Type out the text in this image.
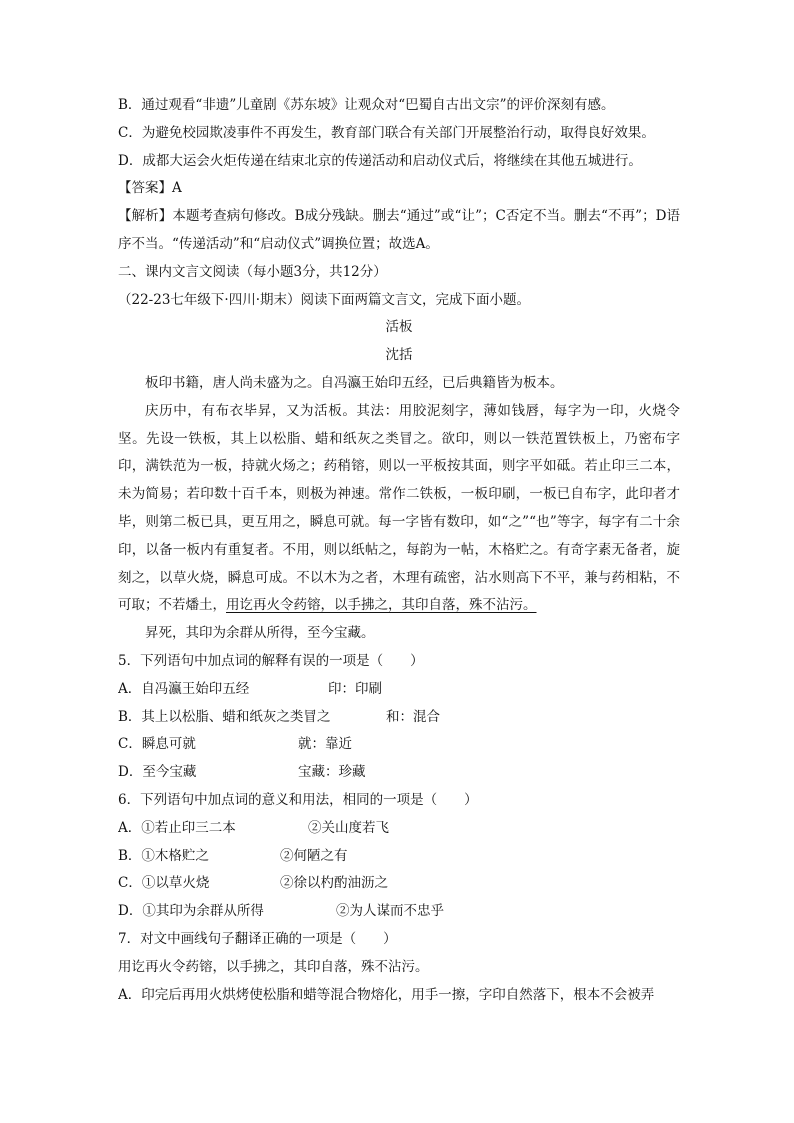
B．通过观看“非遗”儿童剧《苏东坡》让观众对“巴蜀自古出文宗”的评价深刻有感。
C．为避免校园欺凌事件不再发生，教育部门联合有关部门开展整治行动，取得良好效果。
D．成都大运会火炬传递在结束北京的传递活动和启动仪式后，将继续在其他五城进行。
【答案】A
【解析】本题考查病句修改。B成分残缺。删去“通过”或“让”；C否定不当。删去“不再”；D语序不当。“传递活动”和“启动仪式”调换位置；故选A。
二、课内文言文阅读（每小题3分，共12分）
（22-23七年级下·四川·期末）阅读下面两篇文言文，完成下面小题。
活板
沈括
板印书籍，唐人尚未盛为之。自冯瀛王始印五经，已后典籍皆为板本。
庆历中，有布衣毕昇，又为活板。其法：用胶泥刻字，薄如钱唇，每字为一印，火烧令坚。先设一铁板，其上以松脂、蜡和纸灰之类冒之。欲印，则以一铁范置铁板上，乃密布字印，满铁范为一板，持就火炀之；药稍镕，则以一平板按其面，则字平如砥。若止印三二本，未为简易；若印数十百千本，则极为神速。常作二铁板，一板印刷，一板已自布字，此印者才毕，则第二板已具，更互用之，瞬息可就。每一字皆有数印，如“之”“也”等字，每字有二十余印，以备一板内有重复者。不用，则以纸帖之，每韵为一帖，木格贮之。有奇字素无备者，旋刻之，以草火烧，瞬息可成。不以木为之者，木理有疏密，沾水则高下不平，兼与药相粘，不可取；不若燔土，用讫再火令药镕，以手拂之，其印自落，殊不沾污。
昇死，其印为余群从所得，至今宝藏。
5．下列语句中加点词的解释有误的一项是（　　）
A．自冯瀛王始印五经	印：印刷
B．其上以松脂、蜡和纸灰之类冒之	和：混合
C．瞬息可就	就：靠近
D．至今宝藏	宝藏：珍藏
6．下列语句中加点词的意义和用法，相同的一项是（　　）
A．①若止印三二本	②关山度若飞
B．①木格贮之	②何陋之有
C．①以草火烧	②徐以杓酌油沥之
D．①其印为余群从所得	②为人谋而不忠乎
7．对文中画线句子翻译正确的一项是（　　）
用讫再火令药镕，以手拂之，其印自落，殊不沾污。
A．印完后再用火烘烤使松脂和蜡等混合物熔化，用手一擦，字印自然落下，根本不会被弄
